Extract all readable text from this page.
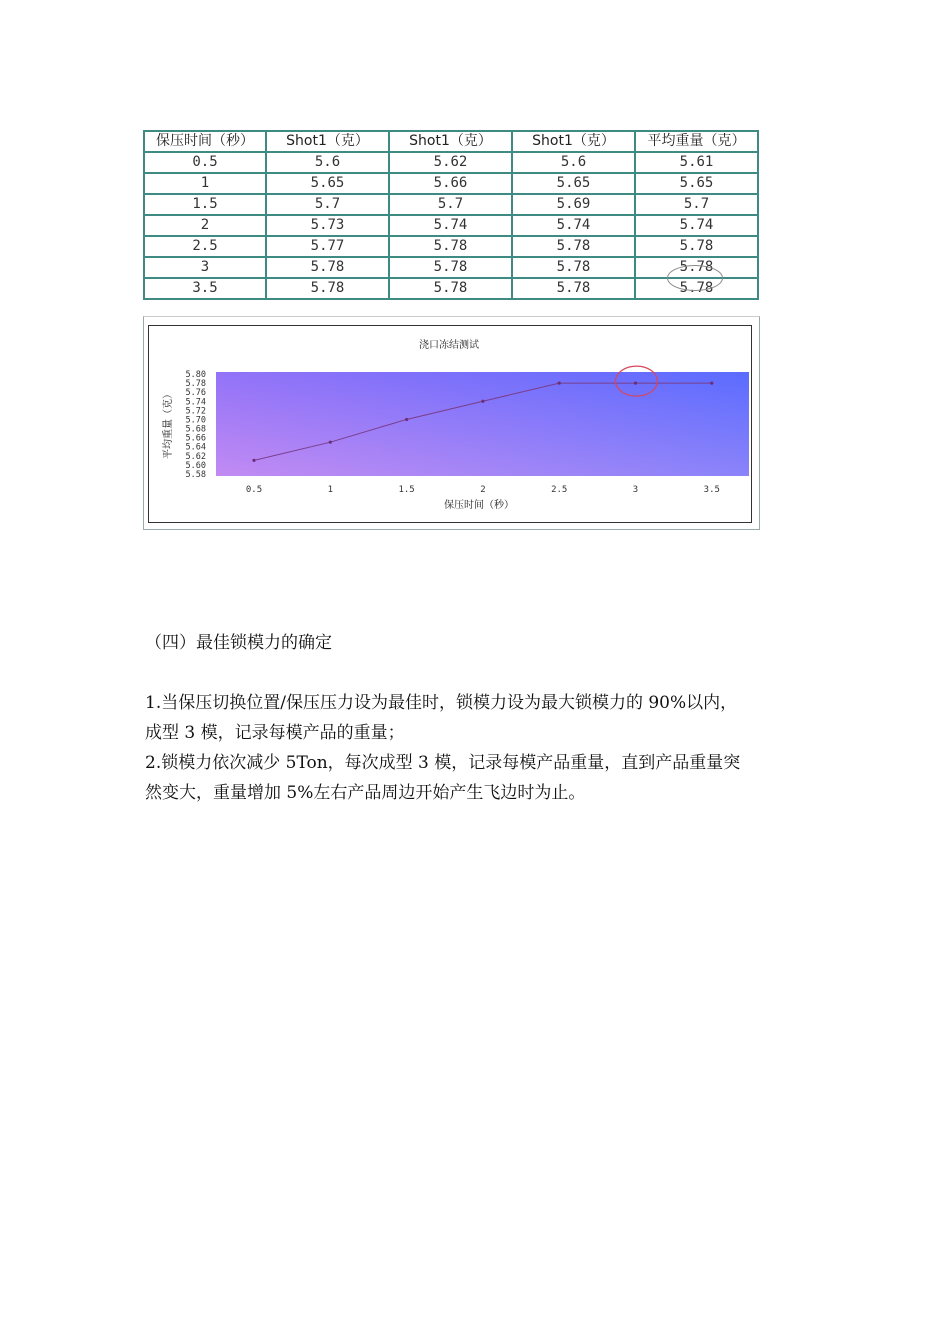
保压时间（秒）	Shot1（克）	Shot1（克）	Shot1（克）	平均重量（克）
0.5	5.6	5.62	5.6	5.61
1	5.65	5.66	5.65	5.65
1.5	5.7	5.7	5.69	5.7
2	5.73	5.74	5.74	5.74
2.5	5.77	5.78	5.78	5.78
3	5.78	5.78	5.78	5.78
3.5	5.78	5.78	5.78	5.78
浇口冻结测试
5.80
5.78
5.76
5.74
5.72
5.70
5.68
5.66
5.64
5.62
5.60
5.58
0.5	1	1.5	2	2.5	3	3.5
保压时间（秒）
平均重量（克）
（四）最佳锁模力的确定
1.当保压切换位置/保压压力设为最佳时，锁模力设为最大锁模力的 90%以内，
成型 3 模，记录每模产品的重量；
2.锁模力依次减少 5Ton，每次成型 3 模，记录每模产品重量，直到产品重量突
然变大，重量增加 5%左右产品周边开始产生飞边时为止。
